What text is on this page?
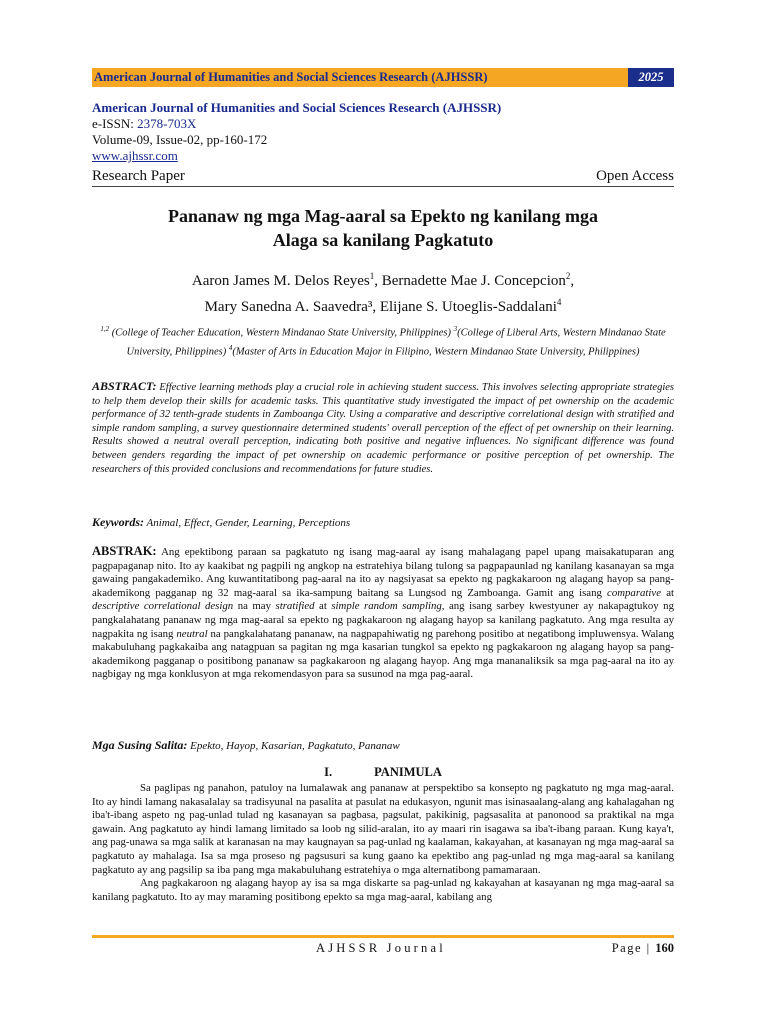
American Journal of Humanities and Social Sciences Research (AJHSSR)	2025
American Journal of Humanities and Social Sciences Research (AJHSSR)
e-ISSN: 2378-703X
Volume-09, Issue-02, pp-160-172
www.ajhssr.com
Research Paper	Open Access
Pananaw ng mga Mag-aaral sa Epekto ng kanilang mga
Alaga sa kanilang Pagkatuto
Aaron James M. Delos Reyes$^1$, Bernadette Mae J. Concepcion$^2$,
Mary Sanedna A. Saavedra³, Elijane S. Utoeglis-Saddalani$^4$
$^{1,2}$ (College of Teacher Education, Western Mindanao State University, Philippines) $^3$(College of Liberal Arts, Western Mindanao State University, Philippines) $^4$(Master of Arts in Education Major in Filipino, Western Mindanao State University, Philippines)
ABSTRACT: Effective learning methods play a crucial role in achieving student success. This involves selecting appropriate strategies to help them develop their skills for academic tasks. This quantitative study investigated the impact of pet ownership on the academic performance of 32 tenth-grade students in Zamboanga City. Using a comparative and descriptive correlational design with stratified and simple random sampling, a survey questionnaire determined students' overall perception of the effect of pet ownership on their learning. Results showed a neutral overall perception, indicating both positive and negative influences. No significant difference was found between genders regarding the impact of pet ownership on academic performance or positive perception of pet ownership. The researchers of this provided conclusions and recommendations for future studies.
Keywords: Animal, Effect, Gender, Learning, Perceptions
ABSTRAK: Ang epektibong paraan sa pagkatuto ng isang mag-aaral ay isang mahalagang papel upang maisakatuparan ang pagpapaganap nito. Ito ay kaakibat ng pagpili ng angkop na estratehiya bilang tulong sa pagpapaunlad ng kanilang kasanayan sa mga gawaing pangakademiko. Ang kuwantitatibong pag-aaral na ito ay nagsiyasat sa epekto ng pagkakaroon ng alagang hayop sa pang-akademikong pagganap ng 32 mag-aaral sa ika-sampung baitang sa Lungsod ng Zamboanga. Gamit ang isang comparative at descriptive correlational design na may stratified at simple random sampling, ang isang sarbey kwestyuner ay nakapagtukoy ng pangkalahatang pananaw ng mga mag-aaral sa epekto ng pagkakaroon ng alagang hayop sa kanilang pagkatuto. Ang mga resulta ay nagpakita ng isang neutral na pangkalahatang pananaw, na nagpapahiwatig ng parehong positibo at negatibong impluwensya. Walang makabuluhang pagkakaiba ang natagpuan sa pagitan ng mga kasarian tungkol sa epekto ng pagkakaroon ng alagang hayop sa pang-akademikong pagganap o positibong pananaw sa pagkakaroon ng alagang hayop. Ang mga mananaliksik sa mga pag-aaral na ito ay nagbigay ng mga konklusyon at mga rekomendasyon para sa susunod na mga pag-aaral.
Mga Susing Salita: Epekto, Hayop, Kasarian, Pagkatuto, Pananaw
I.	PANIMULA

Sa paglipas ng panahon, patuloy na lumalawak ang pananaw at perspektibo sa konsepto ng pagkatuto ng mga mag-aaral. Ito ay hindi lamang nakasalalay sa tradisyunal na pasalita at pasulat na edukasyon, ngunit mas isinasaalang-alang ang kahalagahan ng iba't-ibang aspeto ng pag-unlad tulad ng kasanayan sa pagbasa, pagsulat, pakikinig, pagsasalita at panonood sa praktikal na mga gawain. Ang pagkatuto ay hindi lamang limitado sa loob ng silid-aralan, ito ay maari rin isagawa sa iba't-ibang paraan. Kung kaya't, ang pag-unawa sa mga salik at karanasan na may kaugnayan sa pag-unlad ng kaalaman, kakayahan, at kasanayan ng mga mag-aaral sa pagkatuto ay mahalaga. Isa sa mga proseso ng pagsusuri sa kung gaano ka epektibo ang pag-unlad ng mga mag-aaral sa kanilang pagkatuto ay ang pagsilip sa iba pang mga makabuluhang estratehiya o mga alternatibong pamamaraan.

Ang pagkakaroon ng alagang hayop ay isa sa mga diskarte sa pag-unlad ng kakayahan at kasayanan ng mga mag-aaral sa kanilang pagkatuto. Ito ay may maraming positibong epekto sa mga mag-aaral, kabilang ang

AJHSSR Journal	Page | 160
